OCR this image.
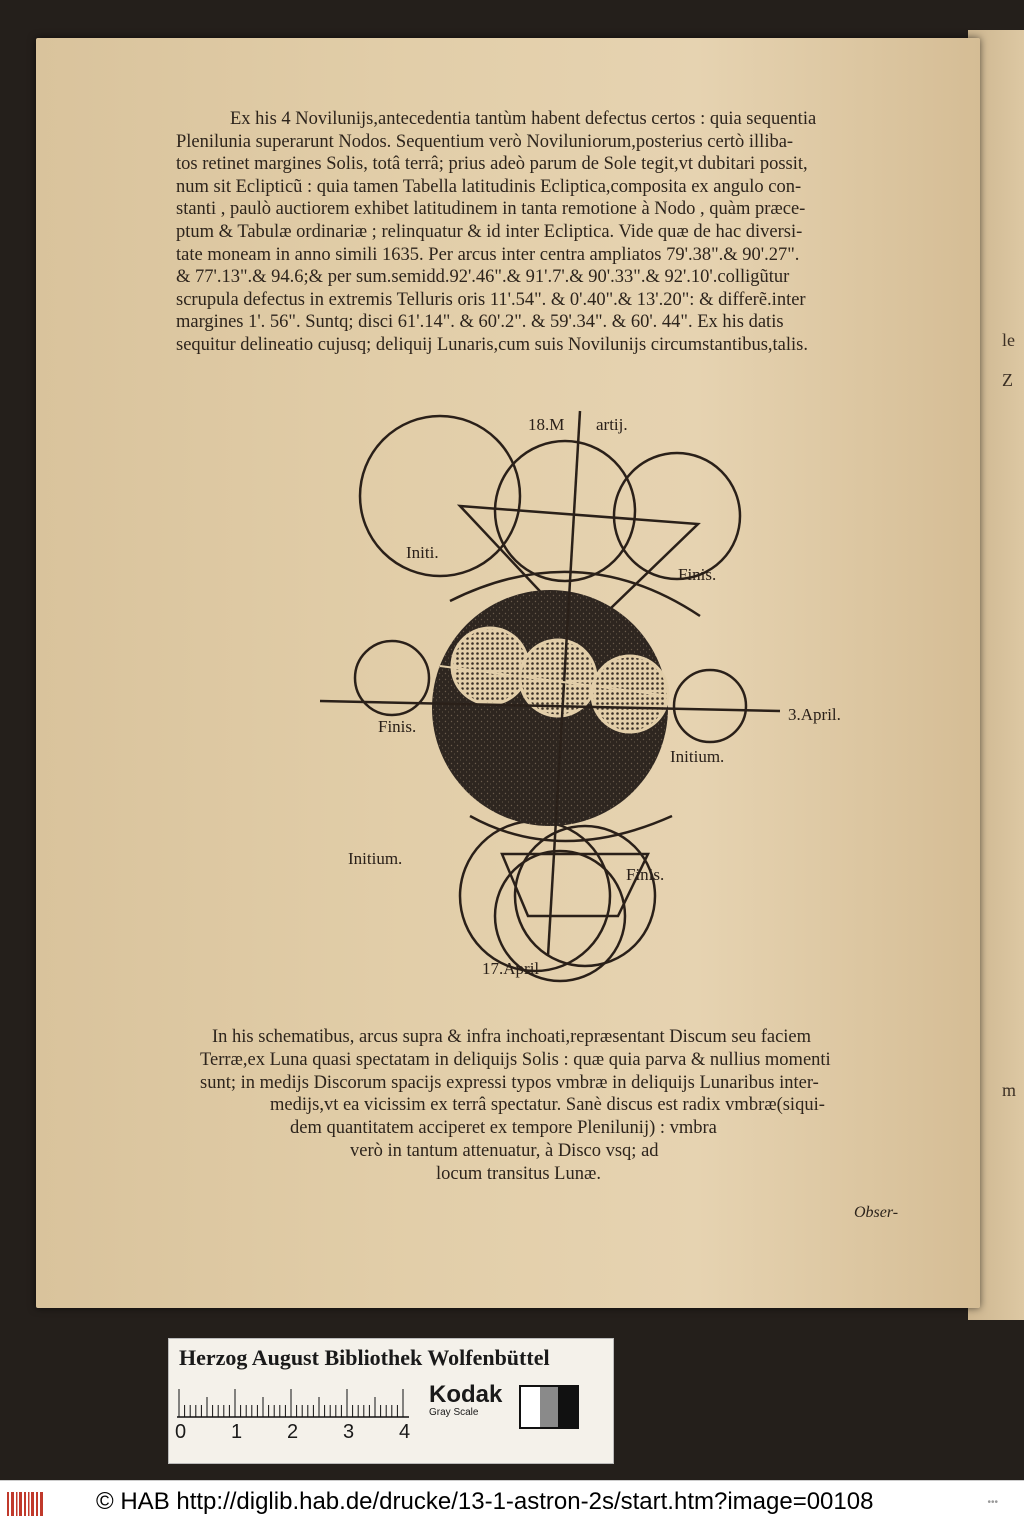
le
Z
m
Ex his 4 Novilunijs,antecedentia tantùm habent defectus certos : quia sequentia
Plenilunia superarunt Nodos. Sequentium verò Noviluniorum,posterius certò illiba-
tos retinet margines Solis, totâ terrâ; prius adeò parum de Sole tegit,vt dubitari possit,
num sit Eclipticũ : quia tamen Tabella latitudinis Ecliptica,composita ex angulo con-
stanti , paulò auctiorem exhibet latitudinem in tanta remotione à Nodo , quàm præce-
ptum & Tabulæ ordinariæ ; relinquatur & id inter Ecliptica. Vide quæ de hac diversi-
tate moneam in anno simili 1635. Per arcus inter centra ampliatos 79'.38".& 90'.27".
& 77'.13".& 94.6;& per sum.semidd.92'.46".& 91'.7'.& 90'.33".& 92'.10'.colligũtur
scrupula defectus in extremis Telluris oris 11'.54". & 0'.40".& 13'.20": & differẽ.inter
margines 1'. 56". Suntq; disci 61'.14". & 60'.2". & 59'.34". & 60'. 44". Ex his datis
sequitur delineatio cujusq; deliquij Lunaris,cum suis Novilunijs circumstantibus,talis.
18.M artij.
Initi.
Finis.
Finis.
3.April.
Initium.
Initium.
Finis.
17.April
In his schematibus, arcus supra & infra inchoati,repræsentant Discum seu faciem
Terræ,ex Luna quasi spectatam in deliquijs Solis : quæ quia parva & nullius momenti
sunt; in medijs Discorum spacijs expressi typos vmbræ in deliquijs Lunaribus inter-
medijs,vt ea vicissim ex terrâ spectatur. Sanè discus est radix vmbræ(siqui-
dem quantitatem acciperet ex tempore Plenilunij) : vmbra
verò in tantum attenuatur, à Disco vsq; ad
locum transitus Lunæ.
Obser-
Herzog August Bibliothek Wolfenbüttel
0 1 2 3 4
Kodak
Gray Scale
© HAB http://diglib.hab.de/drucke/13-1-astron-2s/start.htm?image=00108	•••
